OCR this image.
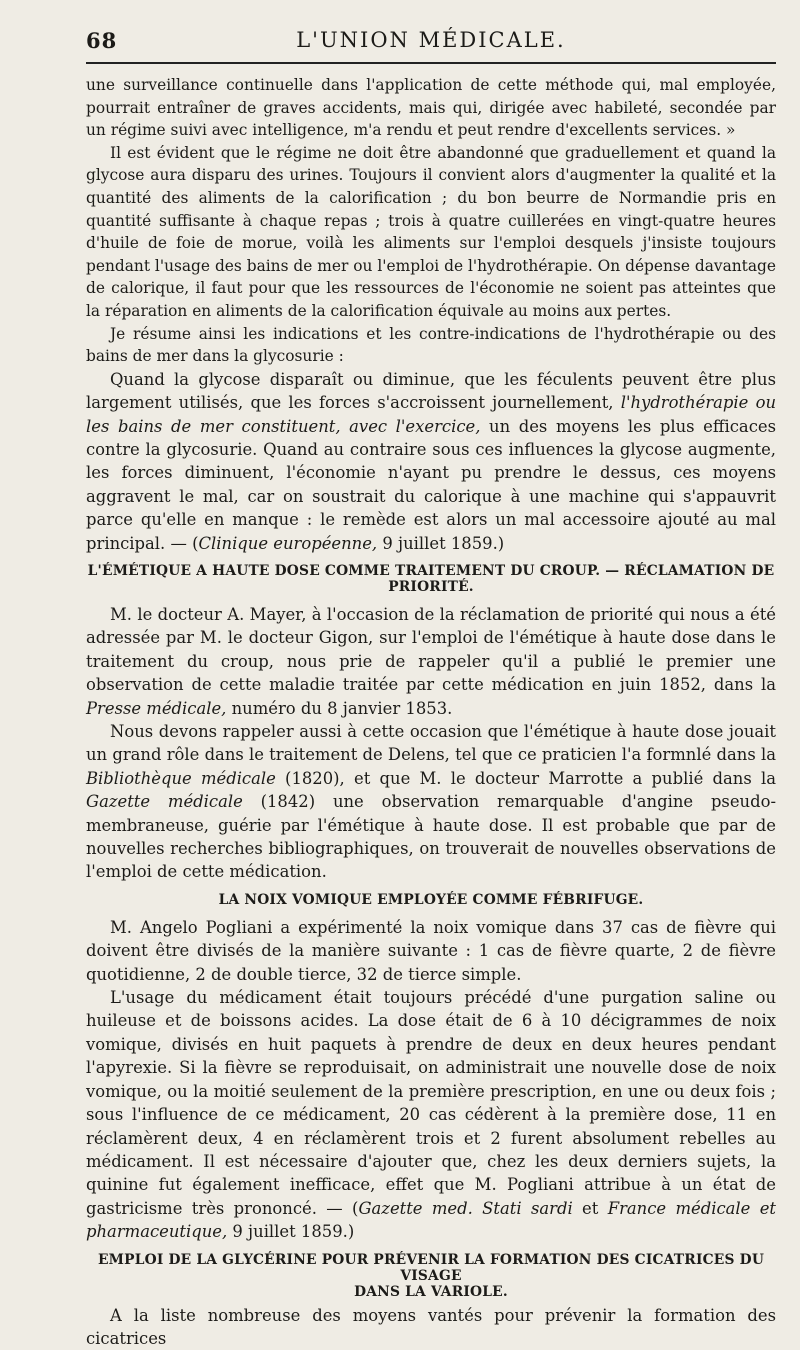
68	L'UNION MÉDICALE.

une surveillance continuelle dans l'application de cette méthode qui, mal employée, pourrait entraîner de graves accidents, mais qui, dirigée avec habileté, secondée par un régime suivi avec intelligence, m'a rendu et peut rendre d'excellents services. »

Il est évident que le régime ne doit être abandonné que graduellement et quand la glycose aura disparu des urines. Toujours il convient alors d'augmenter la qualité et la quantité des aliments de la calorification ; du bon beurre de Normandie pris en quantité suffisante à chaque repas ; trois à quatre cuillerées en vingt-quatre heures d'huile de foie de morue, voilà les aliments sur l'emploi desquels j'insiste toujours pendant l'usage des bains de mer ou l'emploi de l'hydrothérapie. On dépense davantage de calorique, il faut pour que les ressources de l'économie ne soient pas atteintes que la réparation en aliments de la calorification équivale au moins aux pertes.

Je résume ainsi les indications et les contre-indications de l'hydrothérapie ou des bains de mer dans la glycosurie :

Quand la glycose disparaît ou diminue, que les féculents peuvent être plus largement utilisés, que les forces s'accroissent journellement, l'hydrothérapie ou les bains de mer constituent, avec l'exercice, un des moyens les plus efficaces contre la glycosurie. Quand au contraire sous ces influences la glycose augmente, les forces diminuent, l'économie n'ayant pu prendre le dessus, ces moyens aggravent le mal, car on soustrait du calorique à une machine qui s'appauvrit parce qu'elle en manque : le remède est alors un mal accessoire ajouté au mal principal. — (Clinique européenne, 9 juillet 1859.)

L'ÉMÉTIQUE A HAUTE DOSE COMME TRAITEMENT DU CROUP. — RÉCLAMATION DE PRIORITÉ.

M. le docteur A. Mayer, à l'occasion de la réclamation de priorité qui nous a été adressée par M. le docteur Gigon, sur l'emploi de l'émétique à haute dose dans le traitement du croup, nous prie de rappeler qu'il a publié le premier une observation de cette maladie traitée par cette médication en juin 1852, dans la Presse médicale, numéro du 8 janvier 1853.

Nous devons rappeler aussi à cette occasion que l'émétique à haute dose jouait un grand rôle dans le traitement de Delens, tel que ce praticien l'a formnlé dans la Bibliothèque médicale (1820), et que M. le docteur Marrotte a publié dans la Gazette médicale (1842) une observation remarquable d'angine pseudo-membraneuse, guérie par l'émétique à haute dose. Il est probable que par de nouvelles recherches bibliographiques, on trouverait de nouvelles observations de l'emploi de cette médication.

LA NOIX VOMIQUE EMPLOYÉE COMME FÉBRIFUGE.

M. Angelo Pogliani a expérimenté la noix vomique dans 37 cas de fièvre qui doivent être divisés de la manière suivante : 1 cas de fièvre quarte, 2 de fièvre quotidienne, 2 de double tierce, 32 de tierce simple.

L'usage du médicament était toujours précédé d'une purgation saline ou huileuse et de boissons acides. La dose était de 6 à 10 décigrammes de noix vomique, divisés en huit paquets à prendre de deux en deux heures pendant l'apyrexie. Si la fièvre se reproduisait, on administrait une nouvelle dose de noix vomique, ou la moitié seulement de la première prescription, en une ou deux fois ; sous l'influence de ce médicament, 20 cas cédèrent à la première dose, 11 en réclamèrent deux, 4 en réclamèrent trois et 2 furent absolument rebelles au médicament. Il est nécessaire d'ajouter que, chez les deux derniers sujets, la quinine fut également inefficace, effet que M. Pogliani attribue à un état de gastricisme très prononcé. — (Gazette med. Stati sardi et France médicale et pharmaceutique, 9 juillet 1859.)

EMPLOI DE LA GLYCÉRINE POUR PRÉVENIR LA FORMATION DES CICATRICES DU VISAGE
DANS LA VARIOLE.

A la liste nombreuse des moyens vantés pour prévenir la formation des cicatrices
